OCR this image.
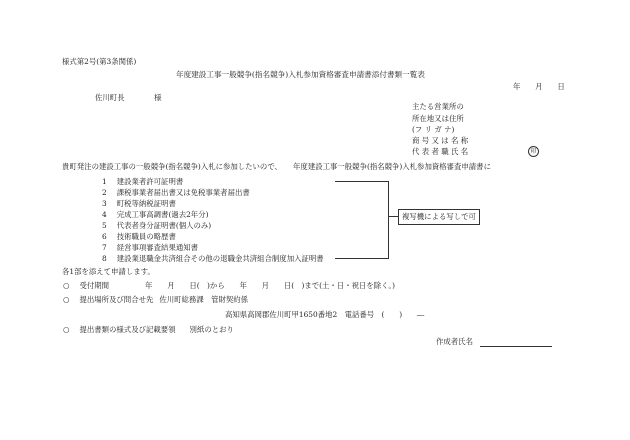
様式第2号(第3条関係)
年度建設工事一般競争(指名競争)入札参加資格審査申請書添付書類一覧表
年　　月　　日
佐川町長　　　　様
主たる営業所の
所在地又は住所
(フ リ ガ ナ)
商 号 又 は 名 称
代 表 者 職 氏 名	印
貴町発注の建設工事の一般競争(指名競争)入札に参加したいので、　　年度建設工事一般競争(指名競争)入札参加資格審査申請書に
1 建設業者許可証明書
2 課税事業者届出書又は免税事業者届出書
3 町税等納税証明書
4 完成工事高調書(過去2年分)
5 代表者身分証明書(個人のみ)
6 技術職員の略歴書
7 経営事項審査結果通知書
8 建設業退職金共済組合その他の退職金共済組合制度加入証明書
複写機による写しで可
各1部を添えて申請します。
○ 受付期間	年　　月　　日(　)から　　年　　月　　日(　)まで(土・日・祝日を除く。)
○ 提出場所及び問合せ先 佐川町総務課　管財契約係
高知県高岡郡佐川町甲1650番地2　電話番号　(　　)　　―
○ 提出書類の様式及び記載要領 別紙のとおり
作成者氏名
